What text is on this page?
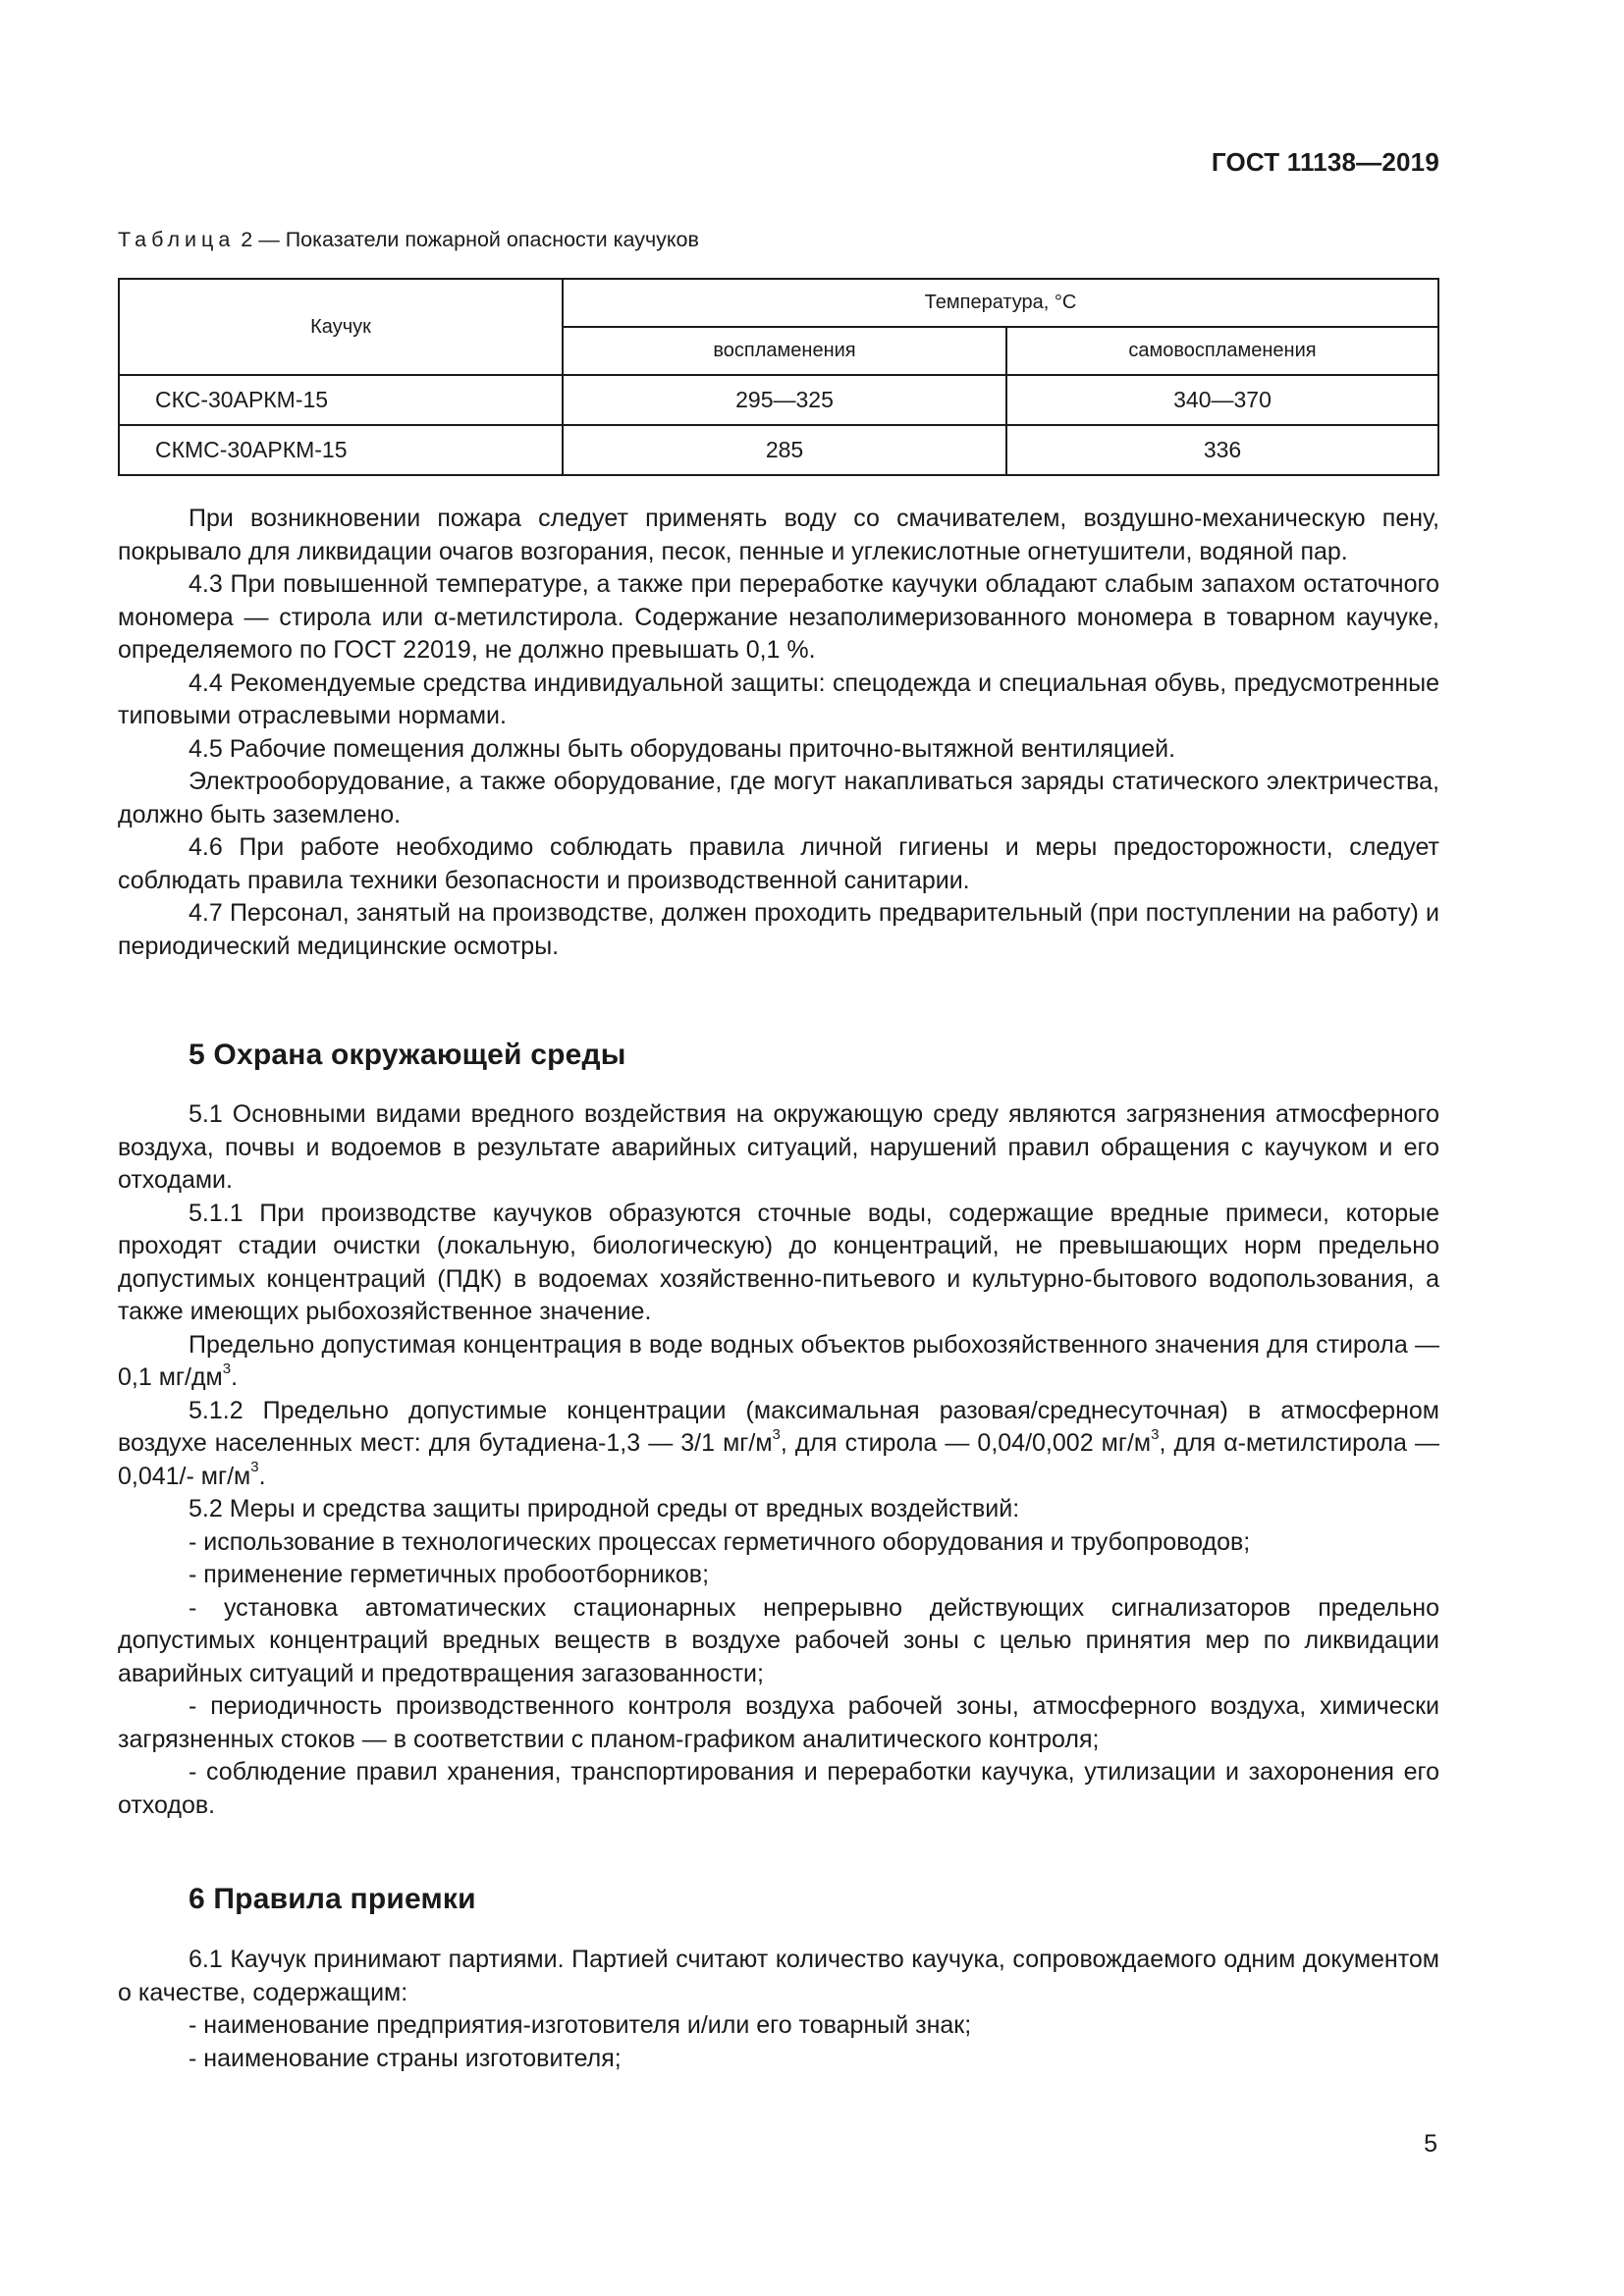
ГОСТ 11138—2019
Таблица 2 — Показатели пожарной опасности каучуков
Каучук	Температура, °C	
	воспламенения	самовоспламенения
СКС-30АРКМ-15	295—325	340—370
СКМС-30АРКМ-15	285	336

При возникновении пожара следует применять воду со смачивателем, воздушно-механическую пену, покрывало для ликвидации очагов возгорания, песок, пенные и углекислотные огнетушители, водяной пар.

4.3 При повышенной температуре, а также при переработке каучуки обладают слабым запахом остаточного мономера — стирола или α-метилстирола. Содержание незаполимеризованного мономера в товарном каучуке, определяемого по ГОСТ 22019, не должно превышать 0,1 %.

4.4 Рекомендуемые средства индивидуальной защиты: спецодежда и специальная обувь, предусмотренные типовыми отраслевыми нормами.

4.5 Рабочие помещения должны быть оборудованы приточно-вытяжной вентиляцией.

Электрооборудование, а также оборудование, где могут накапливаться заряды статического электричества, должно быть заземлено.

4.6 При работе необходимо соблюдать правила личной гигиены и меры предосторожности, следует соблюдать правила техники безопасности и производственной санитарии.

4.7 Персонал, занятый на производстве, должен проходить предварительный (при поступлении на работу) и периодический медицинские осмотры.

5 Охрана окружающей среды

5.1 Основными видами вредного воздействия на окружающую среду являются загрязнения атмосферного воздуха, почвы и водоемов в результате аварийных ситуаций, нарушений правил обращения с каучуком и его отходами.

5.1.1 При производстве каучуков образуются сточные воды, содержащие вредные примеси, которые проходят стадии очистки (локальную, биологическую) до концентраций, не превышающих норм предельно допустимых концентраций (ПДК) в водоемах хозяйственно-питьевого и культурно-бытового водопользования, а также имеющих рыбохозяйственное значение.

Предельно допустимая концентрация в воде водных объектов рыбохозяйственного значения для стирола — 0,1 $мг/дм^3$.

5.1.2 Предельно допустимые концентрации (максимальная разовая/среднесуточная) в атмосферном воздухе населенных мест: для бутадиена-1,3 — 3/1 $мг/м^3$, для стирола — 0,04/0,002 $мг/м^3$, для α-метилстирола — 0,041/- $мг/м^3$.

5.2 Меры и средства защиты природной среды от вредных воздействий:

- использование в технологических процессах герметичного оборудования и трубопроводов;

- применение герметичных пробоотборников;

- установка автоматических стационарных непрерывно действующих сигнализаторов предельно допустимых концентраций вредных веществ в воздухе рабочей зоны с целью принятия мер по ликвидации аварийных ситуаций и предотвращения загазованности;

- периодичность производственного контроля воздуха рабочей зоны, атмосферного воздуха, химически загрязненных стоков — в соответствии с планом-графиком аналитического контроля;

- соблюдение правил хранения, транспортирования и переработки каучука, утилизации и захоронения его отходов.

6 Правила приемки

6.1 Каучук принимают партиями. Партией считают количество каучука, сопровождаемого одним документом о качестве, содержащим:

- наименование предприятия-изготовителя и/или его товарный знак;

- наименование страны изготовителя;

5
